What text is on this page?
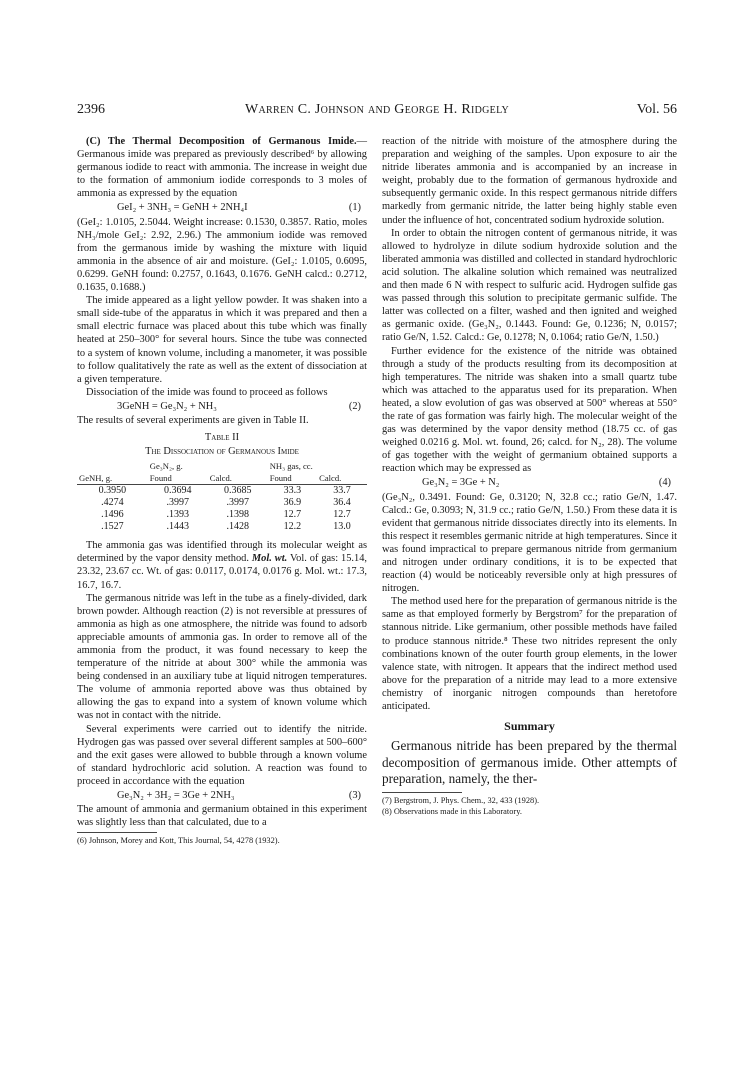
2396	Warren C. Johnson and George H. Ridgely	Vol. 56

(C) The Thermal Decomposition of Germanous Imide.—Germanous imide was prepared as previously described⁶ by allowing germanous iodide to react with ammonia. The increase in weight due to the formation of ammonium iodide corresponds to 3 moles of ammonia as expressed by the equation

GeI₂ + 3NH₃ = GeNH + 2NH₄I	(1)

(GeI₂: 1.0105, 2.5044. Weight increase: 0.1530, 0.3857. Ratio, moles NH₃/mole GeI₂: 2.92, 2.96.) The ammonium iodide was removed from the germanous imide by washing the mixture with liquid ammonia in the absence of air and moisture. (GeI₂: 1.0105, 0.6095, 0.6299. GeNH found: 0.2757, 0.1643, 0.1676. GeNH calcd.: 0.2712, 0.1635, 0.1688.)

The imide appeared as a light yellow powder. It was shaken into a small side-tube of the apparatus in which it was prepared and then a small electric furnace was placed about this tube which was finally heated at 250–300° for several hours. Since the tube was connected to a system of known volume, including a manometer, it was possible to follow qualitatively the rate as well as the extent of dissociation at a given temperature.

Dissociation of the imide was found to proceed as follows

3GeNH = Ge₃N₂ + NH₃	(2)

The results of several experiments are given in Table II.

Table II
The Dissociation of Germanous Imide
	Ge₃N₂, g.		NH₃ gas, cc.	
GeNH, g.	Found	Calcd.	Found	Calcd.
0.3950	0.3694	0.3685	33.3	33.7
.4274	.3997	.3997	36.9	36.4
.1496	.1393	.1398	12.7	12.7
.1527	.1443	.1428	12.2	13.0

The ammonia gas was identified through its molecular weight as determined by the vapor density method. Mol. wt. Vol. of gas: 15.14, 23.32, 23.67 cc. Wt. of gas: 0.0117, 0.0174, 0.0176 g. Mol. wt.: 17.3, 16.7, 16.7.

The germanous nitride was left in the tube as a finely-divided, dark brown powder. Although reaction (2) is not reversible at pressures of ammonia as high as one atmosphere, the nitride was found to adsorb appreciable amounts of ammonia gas. In order to remove all of the ammonia from the product, it was found necessary to keep the temperature of the nitride at about 300° while the ammonia was being condensed in an auxiliary tube at liquid nitrogen temperatures. The volume of ammonia reported above was thus obtained by allowing the gas to expand into a system of known volume which was not in contact with the nitride.

Several experiments were carried out to identify the nitride. Hydrogen gas was passed over several different samples at 500–600° and the exit gases were allowed to bubble through a known volume of standard hydrochloric acid solution. A reaction was found to proceed in accordance with the equation

Ge₃N₂ + 3H₂ = 3Ge + 2NH₃	(3)

The amount of ammonia and germanium obtained in this experiment was slightly less than that calculated, due to a

(6) Johnson, Morey and Kott, This Journal, 54, 4278 (1932).

reaction of the nitride with moisture of the atmosphere during the preparation and weighing of the samples. Upon exposure to air the nitride liberates ammonia and is accompanied by an increase in weight, probably due to the formation of germanous hydroxide and subsequently germanic oxide. In this respect germanous nitride differs markedly from germanic nitride, the latter being highly stable even under the influence of hot, concentrated sodium hydroxide solution.

In order to obtain the nitrogen content of germanous nitride, it was allowed to hydrolyze in dilute sodium hydroxide solution and the liberated ammonia was distilled and collected in standard hydrochloric acid solution. The alkaline solution which remained was neutralized and then made 6 N with respect to sulfuric acid. Hydrogen sulfide gas was passed through this solution to precipitate germanic sulfide. The latter was collected on a filter, washed and then ignited and weighed as germanic oxide. (Ge₃N₂, 0.1443. Found: Ge, 0.1236; N, 0.0157; ratio Ge/N, 1.52. Calcd.: Ge, 0.1278; N, 0.1064; ratio Ge/N, 1.50.)

Further evidence for the existence of the nitride was obtained through a study of the products resulting from its decomposition at high temperatures. The nitride was shaken into a small quartz tube which was attached to the apparatus used for its preparation. When heated, a slow evolution of gas was observed at 500° whereas at 550° the rate of gas formation was fairly high. The molecular weight of the gas was determined by the vapor density method (18.75 cc. of gas weighed 0.0216 g. Mol. wt. found, 26; calcd. for N₂, 28). The volume of gas together with the weight of germanium obtained supports a reaction which may be expressed as

Ge₃N₂ = 3Ge + N₂	(4)

(Ge₃N₂, 0.3491. Found: Ge, 0.3120; N, 32.8 cc.; ratio Ge/N, 1.47. Calcd.: Ge, 0.3093; N, 31.9 cc.; ratio Ge/N, 1.50.) From these data it is evident that germanous nitride dissociates directly into its elements. In this respect it resembles germanic nitride at high temperatures. Since it was found impractical to prepare germanous nitride from germanium and nitrogen under ordinary conditions, it is to be expected that reaction (4) would be noticeably reversible only at high pressures of nitrogen.

The method used here for the preparation of germanous nitride is the same as that employed formerly by Bergstrom⁷ for the preparation of stannous nitride. Like germanium, other possible methods have failed to produce stannous nitride.⁸ These two nitrides represent the only combinations known of the outer fourth group elements, in the lower valence state, with nitrogen. It appears that the indirect method used above for the preparation of a nitride may lead to a more extensive chemistry of inorganic nitrogen compounds than heretofore anticipated.

Summary

Germanous nitride has been prepared by the thermal decomposition of germanous imide. Other attempts of preparation, namely, the ther-

(7) Bergstrom, J. Phys. Chem., 32, 433 (1928).
(8) Observations made in this Laboratory.
